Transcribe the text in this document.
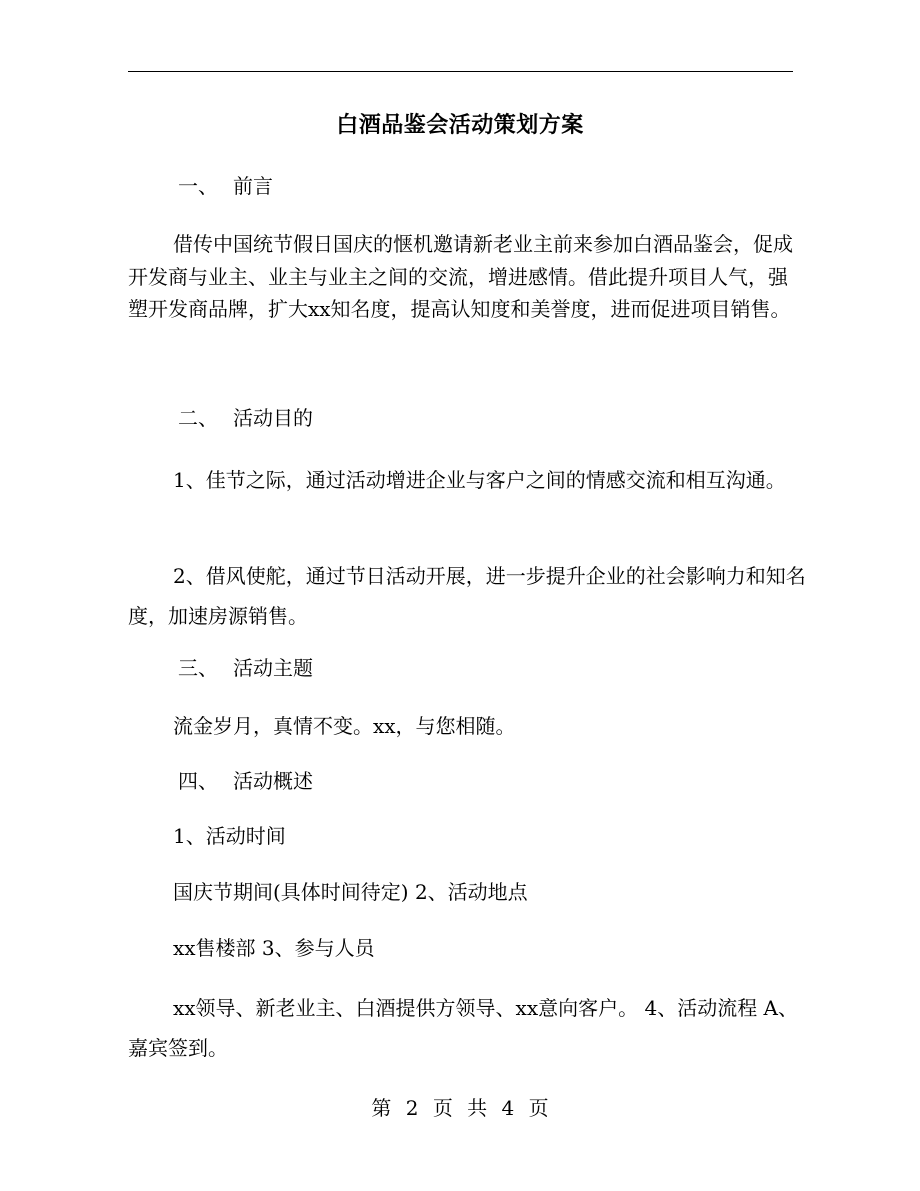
白酒品鉴会活动策划方案

一、 前言

借传中国统节假日国庆的惬机邀请新老业主前来参加白酒品鉴会，促成开发商与业主、业主与业主之间的交流，增进感情。借此提升项目人气，强塑开发商品牌，扩大xx知名度，提高认知度和美誉度，进而促进项目销售。

二、 活动目的

1、佳节之际，通过活动增进企业与客户之间的情感交流和相互沟通。

2、借风使舵，通过节日活动开展，进一步提升企业的社会影响力和知名度，加速房源销售。

三、 活动主题

流金岁月，真情不变。xx，与您相随。

四、 活动概述

1、活动时间

国庆节期间(具体时间待定) 2、活动地点

xx售楼部 3、参与人员

xx领导、新老业主、白酒提供方领导、xx意向客户。 4、活动流程 A、嘉宾签到。

第 2 页 共 4 页
